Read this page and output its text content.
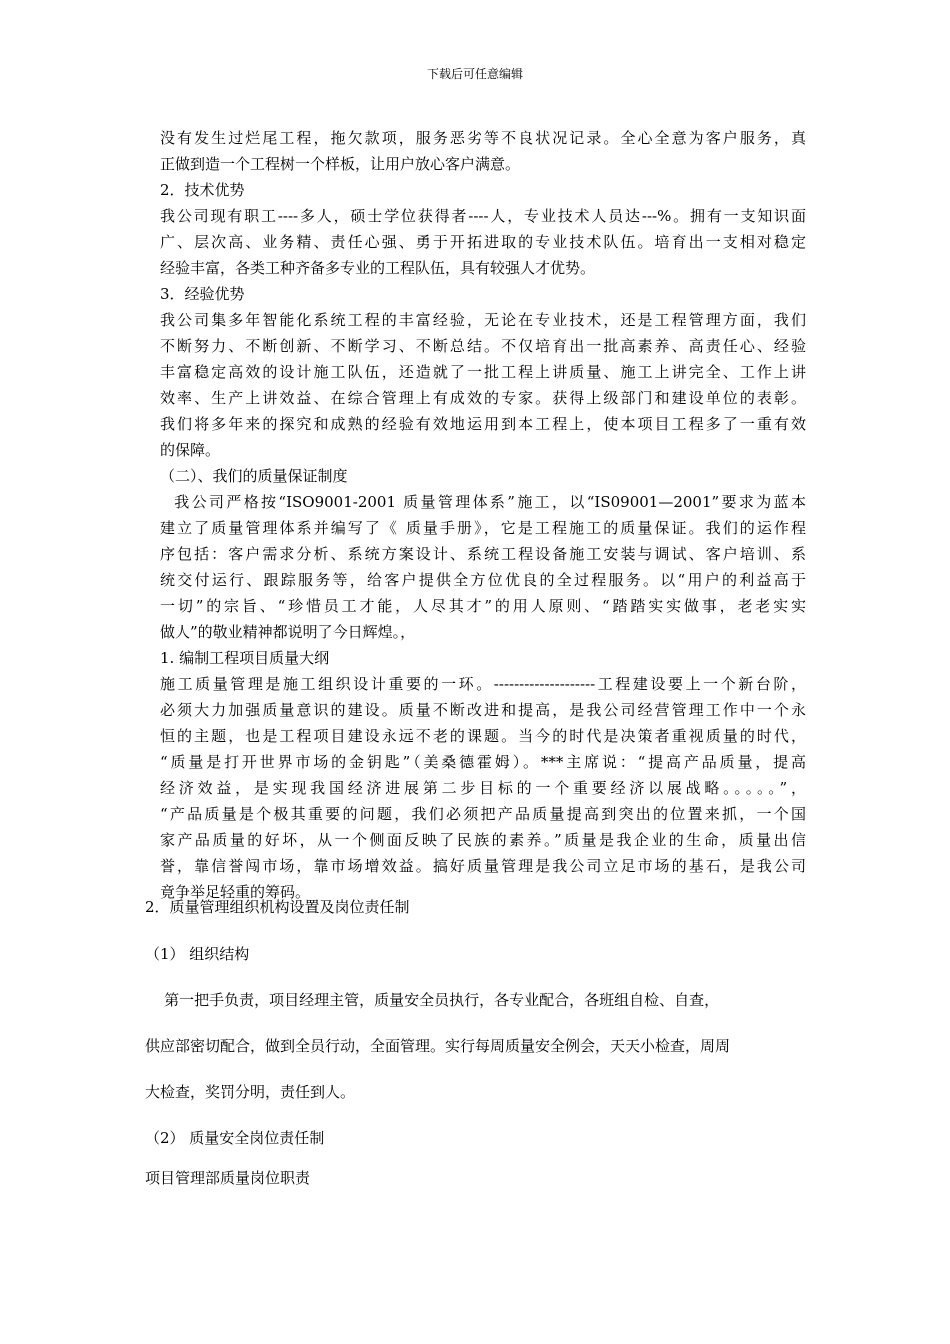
下载后可任意编辑
没有发生过烂尾工程，拖欠款项，服务恶劣等不良状况记录。全心全意为客户服务，真
正做到造一个工程树一个样板，让用户放心客户满意。
2．技术优势
我公司现有职工----多人，硕士学位获得者----人，专业技术人员达---%。拥有一支知识面
广、层次高、业务精、责任心强、勇于开拓进取的专业技术队伍。培育出一支相对稳定
经验丰富，各类工种齐备多专业的工程队伍，具有较强人才优势。
3．经验优势
我公司集多年智能化系统工程的丰富经验，无论在专业技术，还是工程管理方面，我们
不断努力、不断创新、不断学习、不断总结。不仅培育出一批高素养、高责任心、经验
丰富稳定高效的设计施工队伍，还造就了一批工程上讲质量、施工上讲完全、工作上讲
效率、生产上讲效益、在综合管理上有成效的专家。获得上级部门和建设单位的表彰。
我们将多年来的探究和成熟的经验有效地运用到本工程上，使本项目工程多了一重有效
的保障。
（二）、我们的质量保证制度
我公司严格按“ISO9001-2001 质量管理体系”施工，以“IS09001—2001”要求为蓝本
建立了质量管理体系并编写了《 质量手册》，它是工程施工的质量保证。我们的运作程
序包括：客户需求分析、系统方案设计、系统工程设备施工安装与调试、客户培训、系
统交付运行、跟踪服务等，给客户提供全方位优良的全过程服务。以“用户的利益高于
一切”的宗旨、“珍惜员工才能，人尽其才”的用人原则、“踏踏实实做事，老老实实
做人”的敬业精神都说明了今日辉煌。，
1. 编制工程项目质量大纲
施工质量管理是施工组织设计重要的一环。--------------------工程建设要上一个新台阶，
必须大力加强质量意识的建设。质量不断改进和提高，是我公司经营管理工作中一个永
恒的主题，也是工程项目建设永远不老的课题。当今的时代是决策者重视质量的时代，
“质量是打开世界市场的金钥匙”（美桑德霍姆）。***主席说：“提高产品质量，提高
经济效益，是实现我国经济进展第二步目标的一个重要经济以展战略。。。。。”，
“产品质量是个极其重要的问题，我们必须把产品质量提高到突出的位置来抓，一个国
家产品质量的好坏，从一个侧面反映了民族的素养。”质量是我企业的生命，质量出信
誉，靠信誉闯市场，靠市场增效益。搞好质量管理是我公司立足市场的基石，是我公司
竟争举足轻重的筹码。
2．质量管理组织机构设置及岗位责任制
（1） 组织结构
第一把手负责，项目经理主管，质量安全员执行，各专业配合，各班组自检、自查，
供应部密切配合，做到全员行动，全面管理。实行每周质量安全例会，天天小检查，周周
大检查，奖罚分明，责任到人。
（2） 质量安全岗位责任制
项目管理部质量岗位职责
